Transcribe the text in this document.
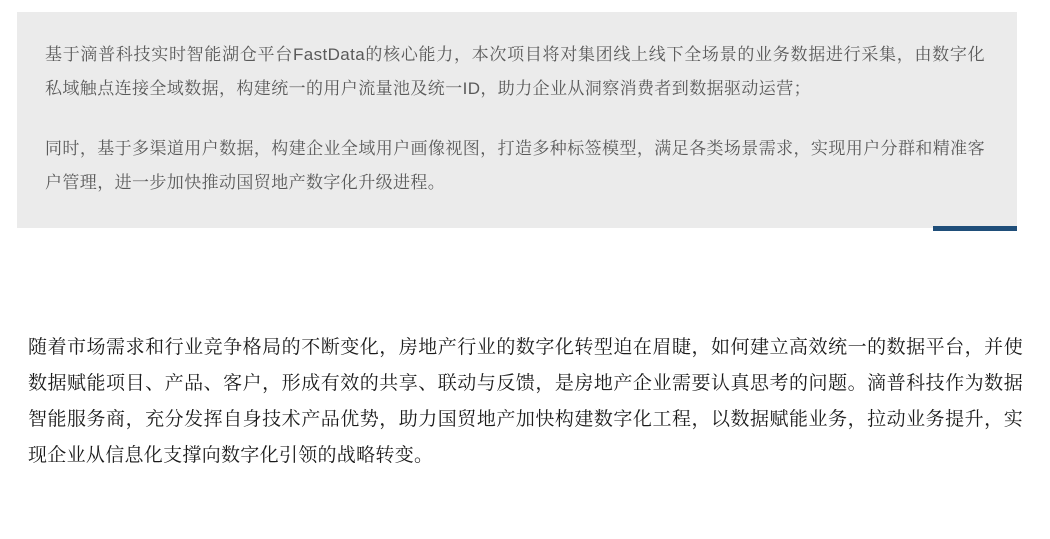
基于滴普科技实时智能湖仓平台FastData的核心能力，本次项目将对集团线上线下全场景的业务数据进行采集，由数字化私域触点连接全域数据，构建统一的用户流量池及统一ID，助力企业从洞察消费者到数据驱动运营；

同时，基于多渠道用户数据，构建企业全域用户画像视图，打造多种标签模型，满足各类场景需求，实现用户分群和精准客户管理，进一步加快推动国贸地产数字化升级进程。

随着市场需求和行业竞争格局的不断变化，房地产行业的数字化转型迫在眉睫，如何建立高效统一的数据平台，并使数据赋能项目、产品、客户，形成有效的共享、联动与反馈，是房地产企业需要认真思考的问题。滴普科技作为数据智能服务商，充分发挥自身技术产品优势，助力国贸地产加快构建数字化工程，以数据赋能业务，拉动业务提升，实现企业从信息化支撑向数字化引领的战略转变。
